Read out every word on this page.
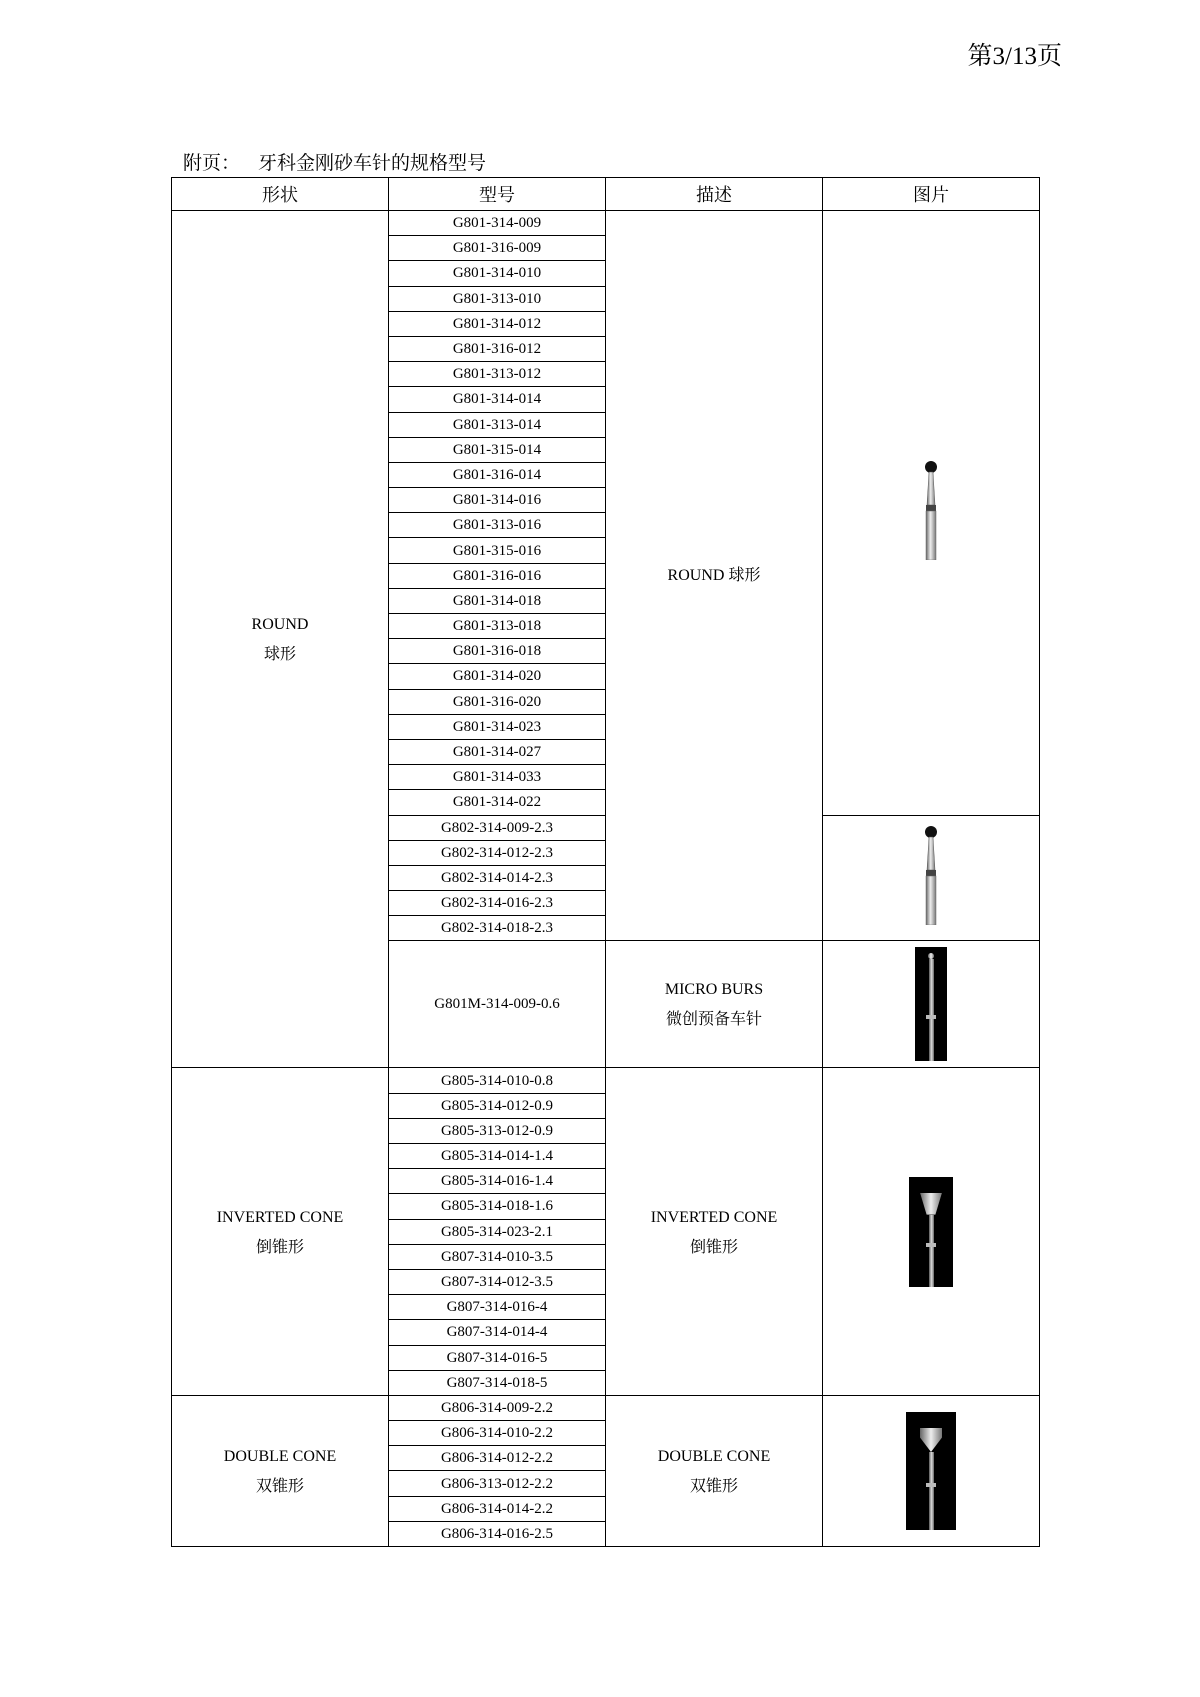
第3/13页
附页： 牙科金刚砂车针的规格型号
形状	型号	描述	图片

ROUND
球形	G801-314-009	ROUND 球形

	G801-316-009		
	G801-314-010		
	G801-313-010		
	G801-314-012		
	G801-316-012		
	G801-313-012		
	G801-314-014		
	G801-313-014		
	G801-315-014		
	G801-316-014		
	G801-314-016		
	G801-313-016		
	G801-315-016		
	G801-316-016		
	G801-314-018		
	G801-313-018		
	G801-316-018		
	G801-314-020		
	G801-316-020		
	G801-314-023		
	G801-314-027		
	G801-314-033		
	G801-314-022		
	G802-314-009-2.3	
	G802-314-012-2.3		
	G802-314-014-2.3		
	G802-314-016-2.3		
	G802-314-018-2.3		
	G801M-314-009-0.6	MICRO BURS
微创预备车针	

INVERTED CONE
倒锥形	G805-314-010-0.8	INVERTED CONE
倒锥形	

	G805-314-012-0.9		
	G805-313-012-0.9		
	G805-314-014-1.4		
	G805-314-016-1.4		
	G805-314-018-1.6		
	G805-314-023-2.1		
	G807-314-010-3.5		
	G807-314-012-3.5		
	G807-314-016-4		
	G807-314-014-4		
	G807-314-016-5		
	G807-314-018-5		

DOUBLE CONE
双锥形	G806-314-009-2.2	DOUBLE CONE
双锥形	

	G806-314-010-2.2		
	G806-314-012-2.2		
	G806-313-012-2.2		
	G806-314-014-2.2		
	G806-314-016-2.5		
